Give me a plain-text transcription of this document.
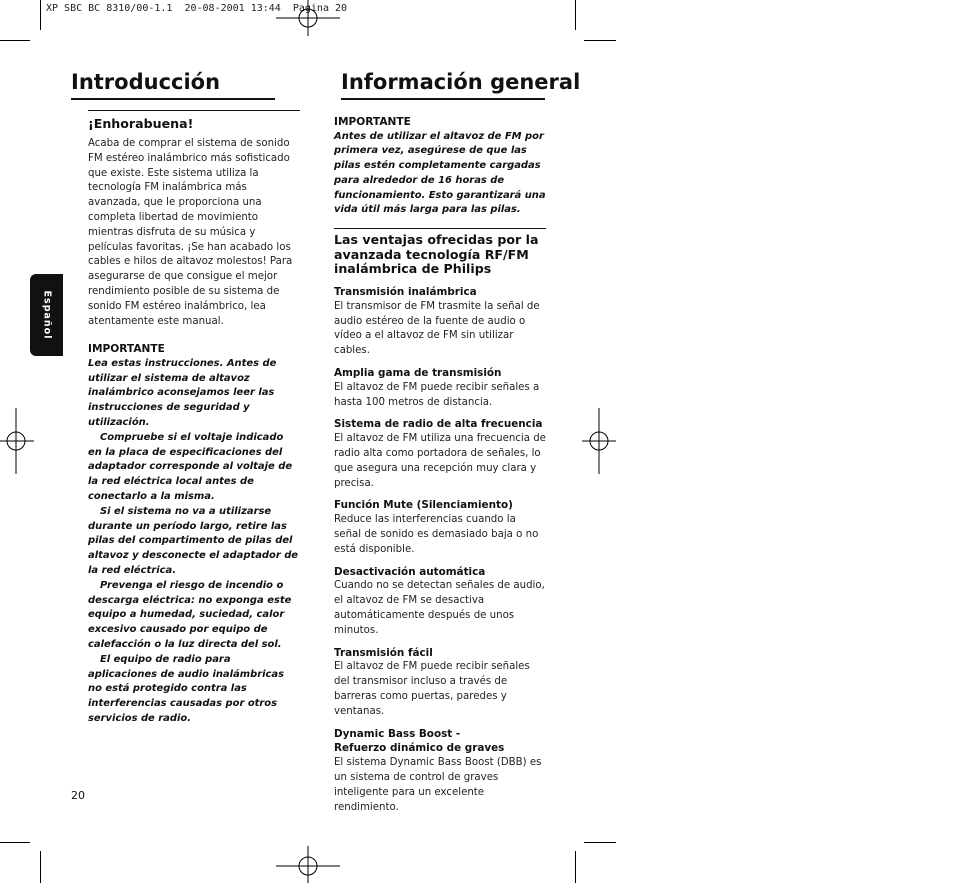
XP SBC BC 8310/00-1.1  20-08-2001 13:44  Pagina 20
Introducción	Información general
Español
¡Enhorabuena!

Acaba de comprar el sistema de sonido FM estéreo inalámbrico más sofisticado que existe. Este sistema utiliza la tecnología FM inalámbrica más avanzada, que le proporciona una completa libertad de movimiento mientras disfruta de su música y películas favoritas. ¡Se han acabado los cables e hilos de altavoz molestos! Para asegurarse de que consigue el mejor rendimiento posible de su sistema de sonido FM estéreo inalámbrico, lea atentamente este manual.

IMPORTANTE

Lea estas instrucciones. Antes de utilizar el sistema de altavoz inalámbrico aconsejamos leer las instrucciones de seguridad y utilización.

Compruebe si el voltaje indicado en la placa de especificaciones del adaptador corresponde al voltaje de la red eléctrica local antes de conectarlo a la misma.

Si el sistema no va a utilizarse durante un período largo, retire las pilas del compartimento de pilas del altavoz y desconecte el adaptador de la red eléctrica.

Prevenga el riesgo de incendio o descarga eléctrica: no exponga este equipo a humedad, suciedad, calor excesivo causado por equipo de calefacción o la luz directa del sol.

El equipo de radio para aplicaciones de audio inalámbricas no está protegido contra las interferencias causadas por otros servicios de radio.

IMPORTANTE

Antes de utilizar el altavoz de FM por primera vez, asegúrese de que las pilas estén completamente cargadas para alrededor de 16 horas de funcionamiento. Esto garantizará una vida útil más larga para las pilas.

Las ventajas ofrecidas por la avanzada tecnología RF/FM inalámbrica de Philips

Transmisión inalámbrica

El transmisor de FM trasmite la señal de audio estéreo de la fuente de audio o vídeo a el altavoz de FM sin utilizar cables.

Amplia gama de transmisión

El altavoz de FM puede recibir señales a hasta 100 metros de distancia.

Sistema de radio de alta frecuencia

El altavoz de FM utiliza una frecuencia de radio alta como portadora de señales, lo que asegura una recepción muy clara y precisa.

Función Mute (Silenciamiento)

Reduce las interferencias cuando la señal de sonido es demasiado baja o no está disponible.

Desactivación automática

Cuando no se detectan señales de audio, el altavoz de FM se desactiva automáticamente después de unos minutos.

Transmisión fácil

El altavoz de FM puede recibir señales del transmisor incluso a través de barreras como puertas, paredes y ventanas.

Dynamic Bass Boost -

Refuerzo dinámico de graves

El sistema Dynamic Bass Boost (DBB) es un sistema de control de graves inteligente para un excelente rendimiento.

20
